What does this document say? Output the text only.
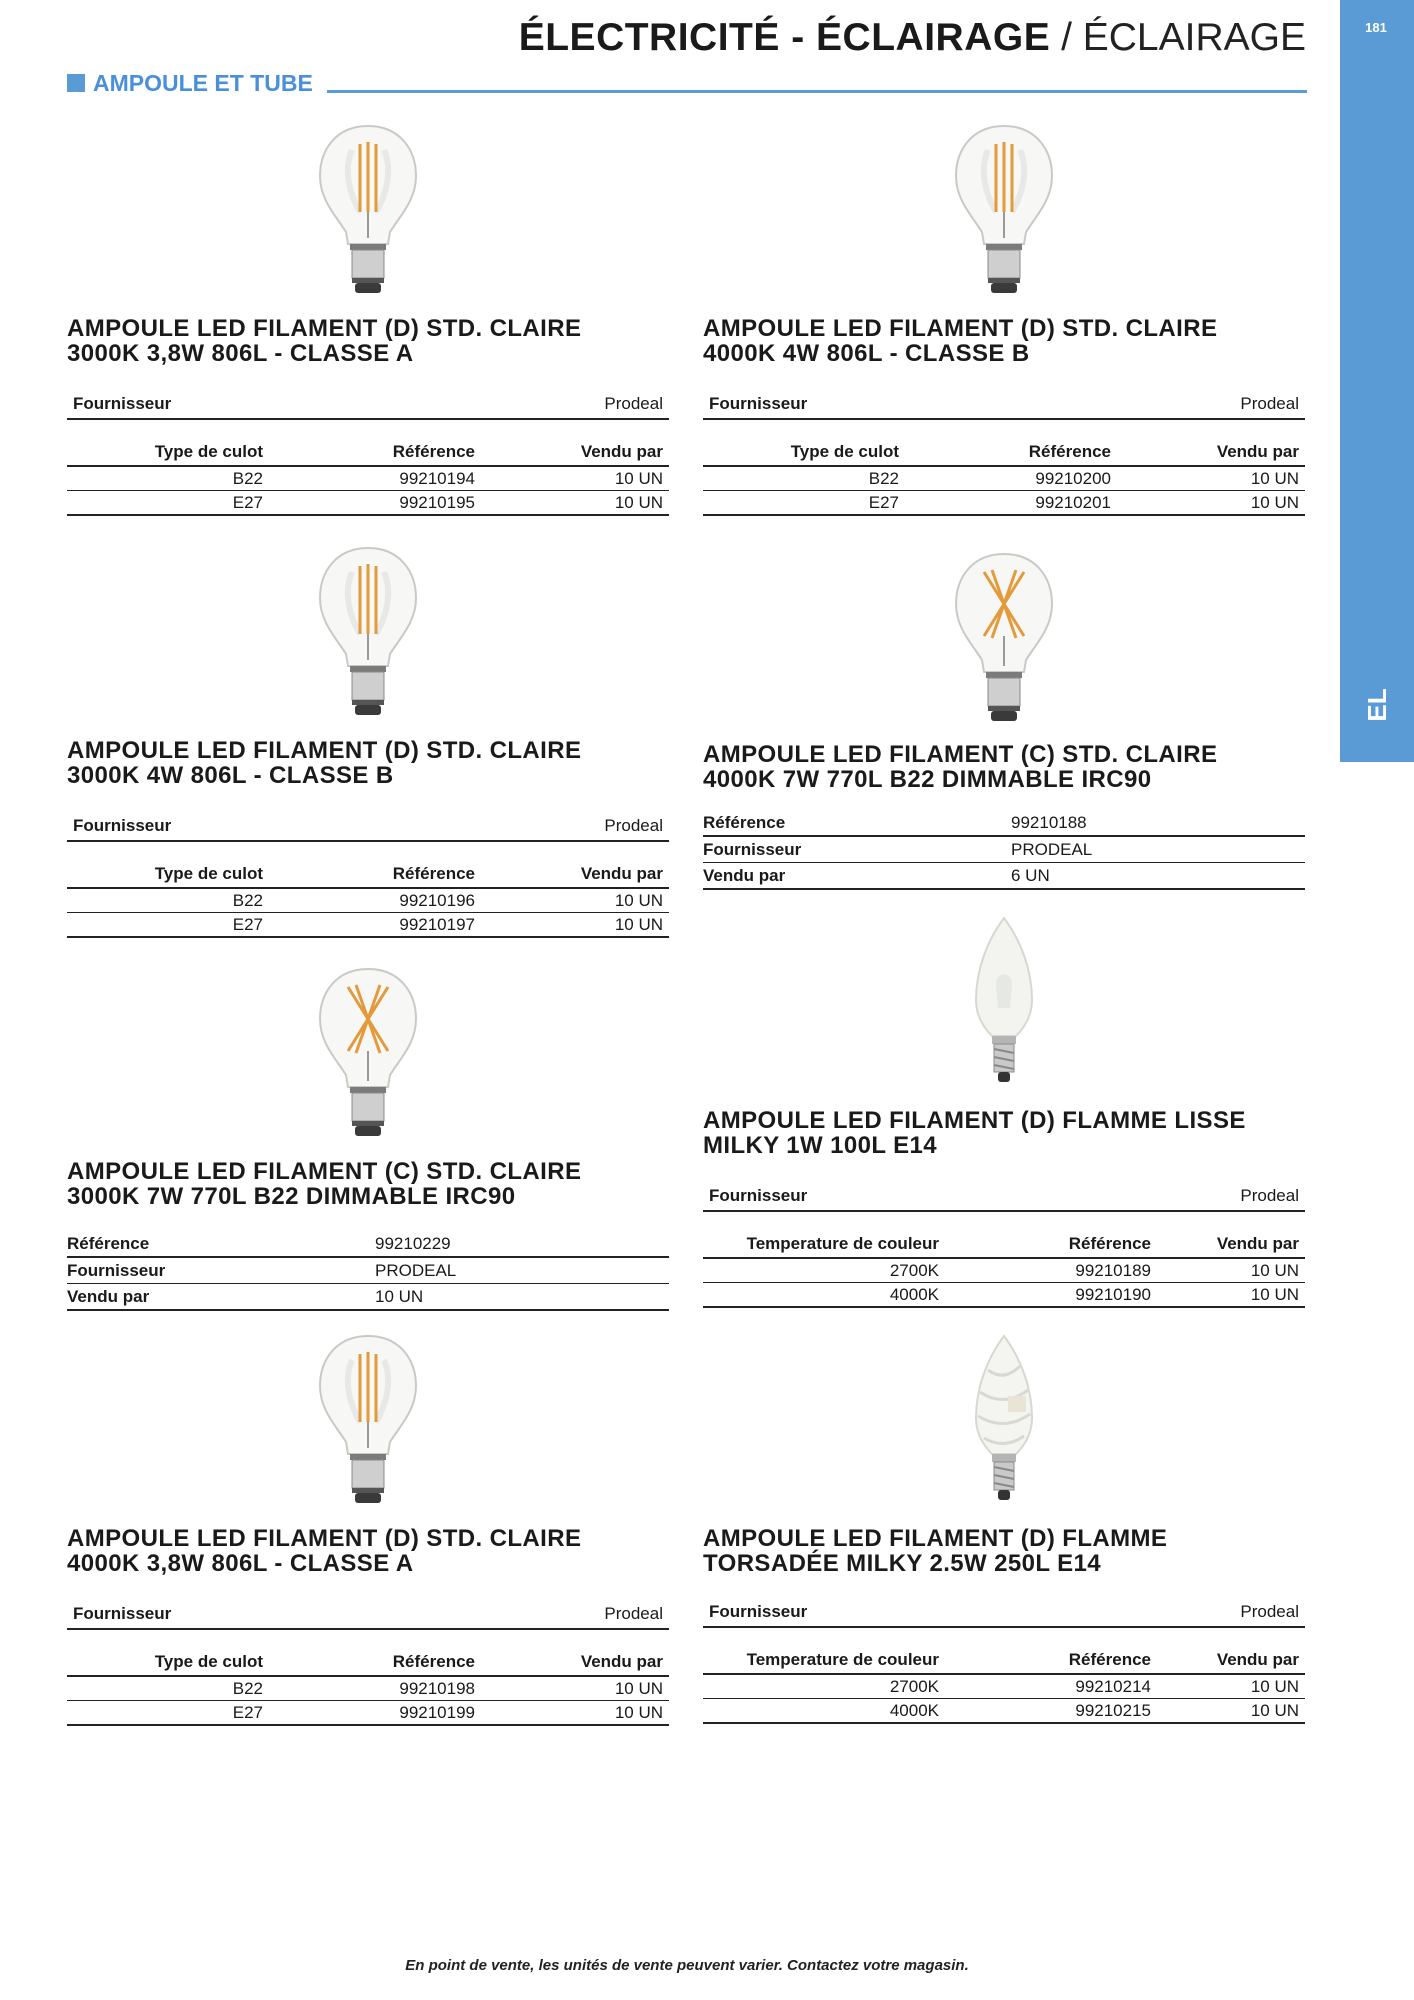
ÉLECTRICITÉ - ÉCLAIRAGE / ÉCLAIRAGE	181
EL
AMPOULE ET TUBE
AMPOULE LED FILAMENT (D) STD. CLAIRE
3000K 3,8W 806L - CLASSE A
Fournisseur	Prodeal
Type de culot	Référence	Vendu par
B22	99210194	10 UN
E27	99210195	10 UN
AMPOULE LED FILAMENT (D) STD. CLAIRE
4000K 4W 806L - CLASSE B
Fournisseur	Prodeal
Type de culot	Référence	Vendu par
B22	99210200	10 UN
E27	99210201	10 UN
AMPOULE LED FILAMENT (D) STD. CLAIRE
3000K 4W 806L - CLASSE B
Fournisseur	Prodeal
Type de culot	Référence	Vendu par
B22	99210196	10 UN
E27	99210197	10 UN
AMPOULE LED FILAMENT (C) STD. CLAIRE
4000K 7W 770L B22 DIMMABLE IRC90
Référence	99210188
Fournisseur	PRODEAL
Vendu par	6 UN
AMPOULE LED FILAMENT (C) STD. CLAIRE
3000K 7W 770L B22 DIMMABLE IRC90
Référence	99210229
Fournisseur	PRODEAL
Vendu par	10 UN
AMPOULE LED FILAMENT (D) FLAMME LISSE
MILKY 1W 100L E14
Fournisseur	Prodeal
Temperature de couleur	Référence	Vendu par
2700K	99210189	10 UN
4000K	99210190	10 UN
AMPOULE LED FILAMENT (D) STD. CLAIRE
4000K 3,8W 806L - CLASSE A
Fournisseur	Prodeal
Type de culot	Référence	Vendu par
B22	99210198	10 UN
E27	99210199	10 UN
AMPOULE LED FILAMENT (D) FLAMME
TORSADÉE MILKY 2.5W 250L E14
Fournisseur	Prodeal
Temperature de couleur	Référence	Vendu par
2700K	99210214	10 UN
4000K	99210215	10 UN
En point de vente, les unités de vente peuvent varier. Contactez votre magasin.
